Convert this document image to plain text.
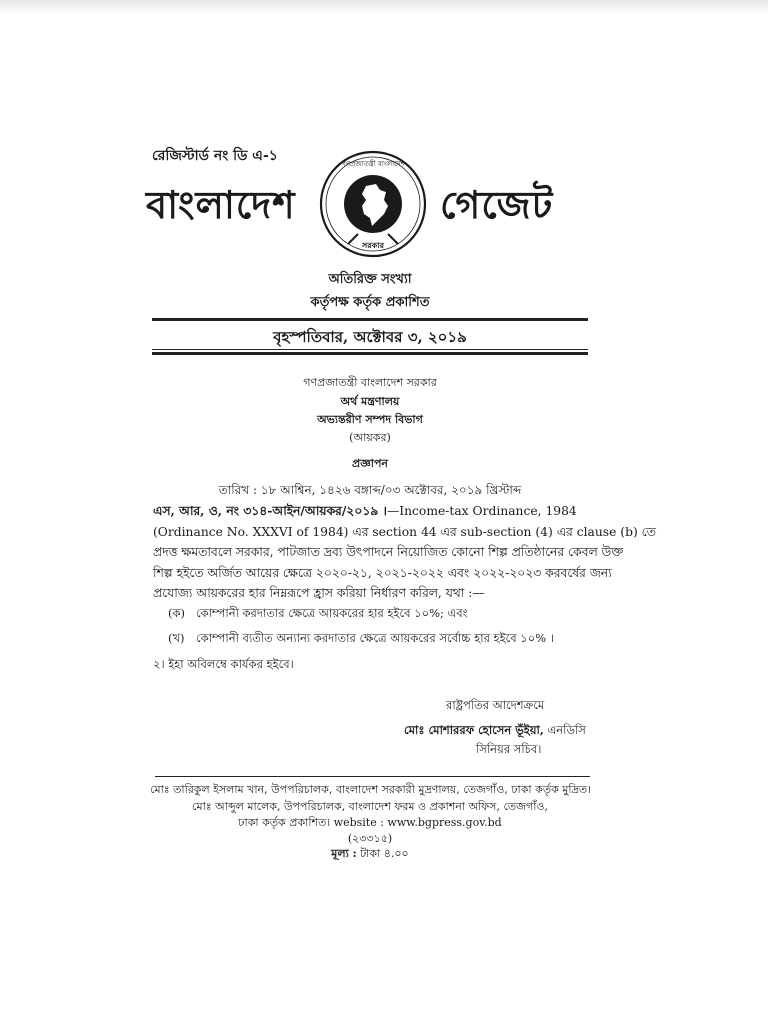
রেজিস্টার্ড নং ডি এ-১
বাংলাদেশ
গণপ্রজাতন্ত্রী বাংলাদেশ
সরকার
গেজেট
অতিরিক্ত সংখ্যা
কর্তৃপক্ষ কর্তৃক প্রকাশিত
বৃহস্পতিবার, অক্টোবর ৩, ২০১৯
গণপ্রজাতন্ত্রী বাংলাদেশ সরকার
অর্থ মন্ত্রণালয়
অভ্যন্তরীণ সম্পদ বিভাগ
(আয়কর)
প্রজ্ঞাপন
তারিখ : ১৮ আশ্বিন, ১৪২৬ বঙ্গাব্দ/০৩ অক্টোবর, ২০১৯ খ্রিস্টাব্দ
এস, আর, ও, নং ৩১৪-আইন/আয়কর/২০১৯ ।—Income-tax Ordinance, 1984
(Ordinance No. XXXVI of 1984) এর section 44 এর sub-section (4) এর clause (b) তে
প্রদত্ত ক্ষমতাবলে সরকার, পাটজাত দ্রব্য উৎপাদনে নিয়োজিত কোনো শিল্প প্রতিষ্ঠানের কেবল উক্ত
শিল্প হইতে অর্জিত আয়ের ক্ষেত্রে ২০২০-২১, ২০২১-২০২২ এবং ২০২২-২০২৩ করবর্ষের জন্য
প্রযোজ্য আয়করের হার নিম্নরূপে হ্রাস করিয়া নির্ধারণ করিল, যথা :—
(ক) কোম্পানী করদাতার ক্ষেত্রে আয়করের হার হইবে ১০%; এবং
(খ) কোম্পানী ব্যতীত অন্যান্য করদাতার ক্ষেত্রে আয়করের সর্বোচ্চ হার হইবে ১০% ।
২। ইহা অবিলম্বে কার্যকর হইবে।
রাষ্ট্রপতির আদেশক্রমে
মোঃ মোশাররফ হোসেন ভূঁইয়া, এনডিসি
সিনিয়র সচিব।
মোঃ তারিকুল ইসলাম খান, উপপরিচালক, বাংলাদেশ সরকারী মুদ্রণালয়, তেজগাঁও, ঢাকা কর্তৃক মুদ্রিত।
মোঃ আব্দুল মালেক, উপপরিচালক, বাংলাদেশ ফরম ও প্রকাশনা অফিস, তেজগাঁও,
ঢাকা কর্তৃক প্রকাশিত। website : www.bgpress.gov.bd
(২৩৩১৫)
মূল্য : টাকা ৪.০০
